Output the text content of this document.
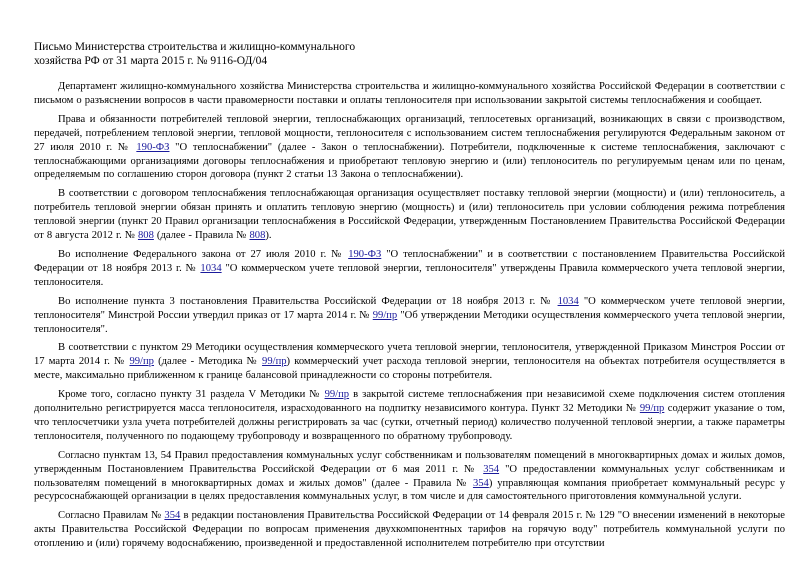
Письмо Министерства строительства и жилищно-коммунального
хозяйства РФ от 31 марта 2015 г. № 9116-ОД/04

Департамент жилищно-коммунального хозяйства Министерства строительства и жилищно-коммунального хозяйства Российской Федерации в соответствии с письмом о разъяснении вопросов в части правомерности поставки и оплаты теплоносителя при использовании закрытой системы теплоснабжения и сообщает.

Права и обязанности потребителей тепловой энергии, теплоснабжающих организаций, теплосетевых организаций, возникающих в связи с производством, передачей, потреблением тепловой энергии, тепловой мощности, теплоносителя с использованием систем теплоснабжения регулируются Федеральным законом от 27 июля 2010 г. № 190-ФЗ "О теплоснабжении" (далее - Закон о теплоснабжении). Потребители, подключенные к системе теплоснабжения, заключают с теплоснабжающими организациями договоры теплоснабжения и приобретают тепловую энергию и (или) теплоноситель по регулируемым ценам или по ценам, определяемым по соглашению сторон договора (пункт 2 статьи 13 Закона о теплоснабжении).

В соответствии с договором теплоснабжения теплоснабжающая организация осуществляет поставку тепловой энергии (мощности) и (или) теплоноситель, а потребитель тепловой энергии обязан принять и оплатить тепловую энергию (мощность) и (или) теплоноситель при условии соблюдения режима потребления тепловой энергии (пункт 20 Правил организации теплоснабжения в Российской Федерации, утвержденным Постановлением Правительства Российской Федерации от 8 августа 2012 г. № 808 (далее - Правила № 808).

Во исполнение Федерального закона от 27 июля 2010 г. № 190-ФЗ "О теплоснабжении" и в соответствии с постановлением Правительства Российской Федерации от 18 ноября 2013 г. № 1034 "О коммерческом учете тепловой энергии, теплоносителя" утверждены Правила коммерческого учета тепловой энергии, теплоносителя.

Во исполнение пункта 3 постановления Правительства Российской Федерации от 18 ноября 2013 г. № 1034 "О коммерческом учете тепловой энергии, теплоносителя" Минстрой России утвердил приказ от 17 марта 2014 г. № 99/пр "Об утверждении Методики осуществления коммерческого учета тепловой энергии, теплоносителя".

В соответствии с пунктом 29 Методики осуществления коммерческого учета тепловой энергии, теплоносителя, утвержденной Приказом Минстроя России от 17 марта 2014 г. № 99/пр (далее - Методика № 99/пр) коммерческий учет расхода тепловой энергии, теплоносителя на объектах потребителя осуществляется в месте, максимально приближенном к границе балансовой принадлежности со стороны потребителя.

Кроме того, согласно пункту 31 раздела V Методики № 99/пр в закрытой системе теплоснабжения при независимой схеме подключения систем отопления дополнительно регистрируется масса теплоносителя, израсходованного на подпитку независимого контура. Пункт 32 Методики № 99/пр содержит указание о том, что теплосчетчики узла учета потребителей должны регистрировать за час (сутки, отчетный период) количество полученной тепловой энергии, а также параметры теплоносителя, полученного по подающему трубопроводу и возвращенного по обратному трубопроводу.

Согласно пунктам 13, 54 Правил предоставления коммунальных услуг собственникам и пользователям помещений в многоквартирных домах и жилых домов, утвержденным Постановлением Правительства Российской Федерации от 6 мая 2011 г. № 354 "О предоставлении коммунальных услуг собственникам и пользователям помещений в многоквартирных домах и жилых домов" (далее - Правила № 354) управляющая компания приобретает коммунальный ресурс у ресурсоснабжающей организации в целях предоставления коммунальных услуг, в том числе и для самостоятельного приготовления коммунальной услуги.

Согласно Правилам № 354 в редакции постановления Правительства Российской Федерации от 14 февраля 2015 г. № 129 "О внесении изменений в некоторые акты Правительства Российской Федерации по вопросам применения двухкомпонентных тарифов на горячую воду" потребитель коммунальной услуги по отоплению и (или) горячему водоснабжению, произведенной и предоставленной исполнителем потребителю при отсутствии
